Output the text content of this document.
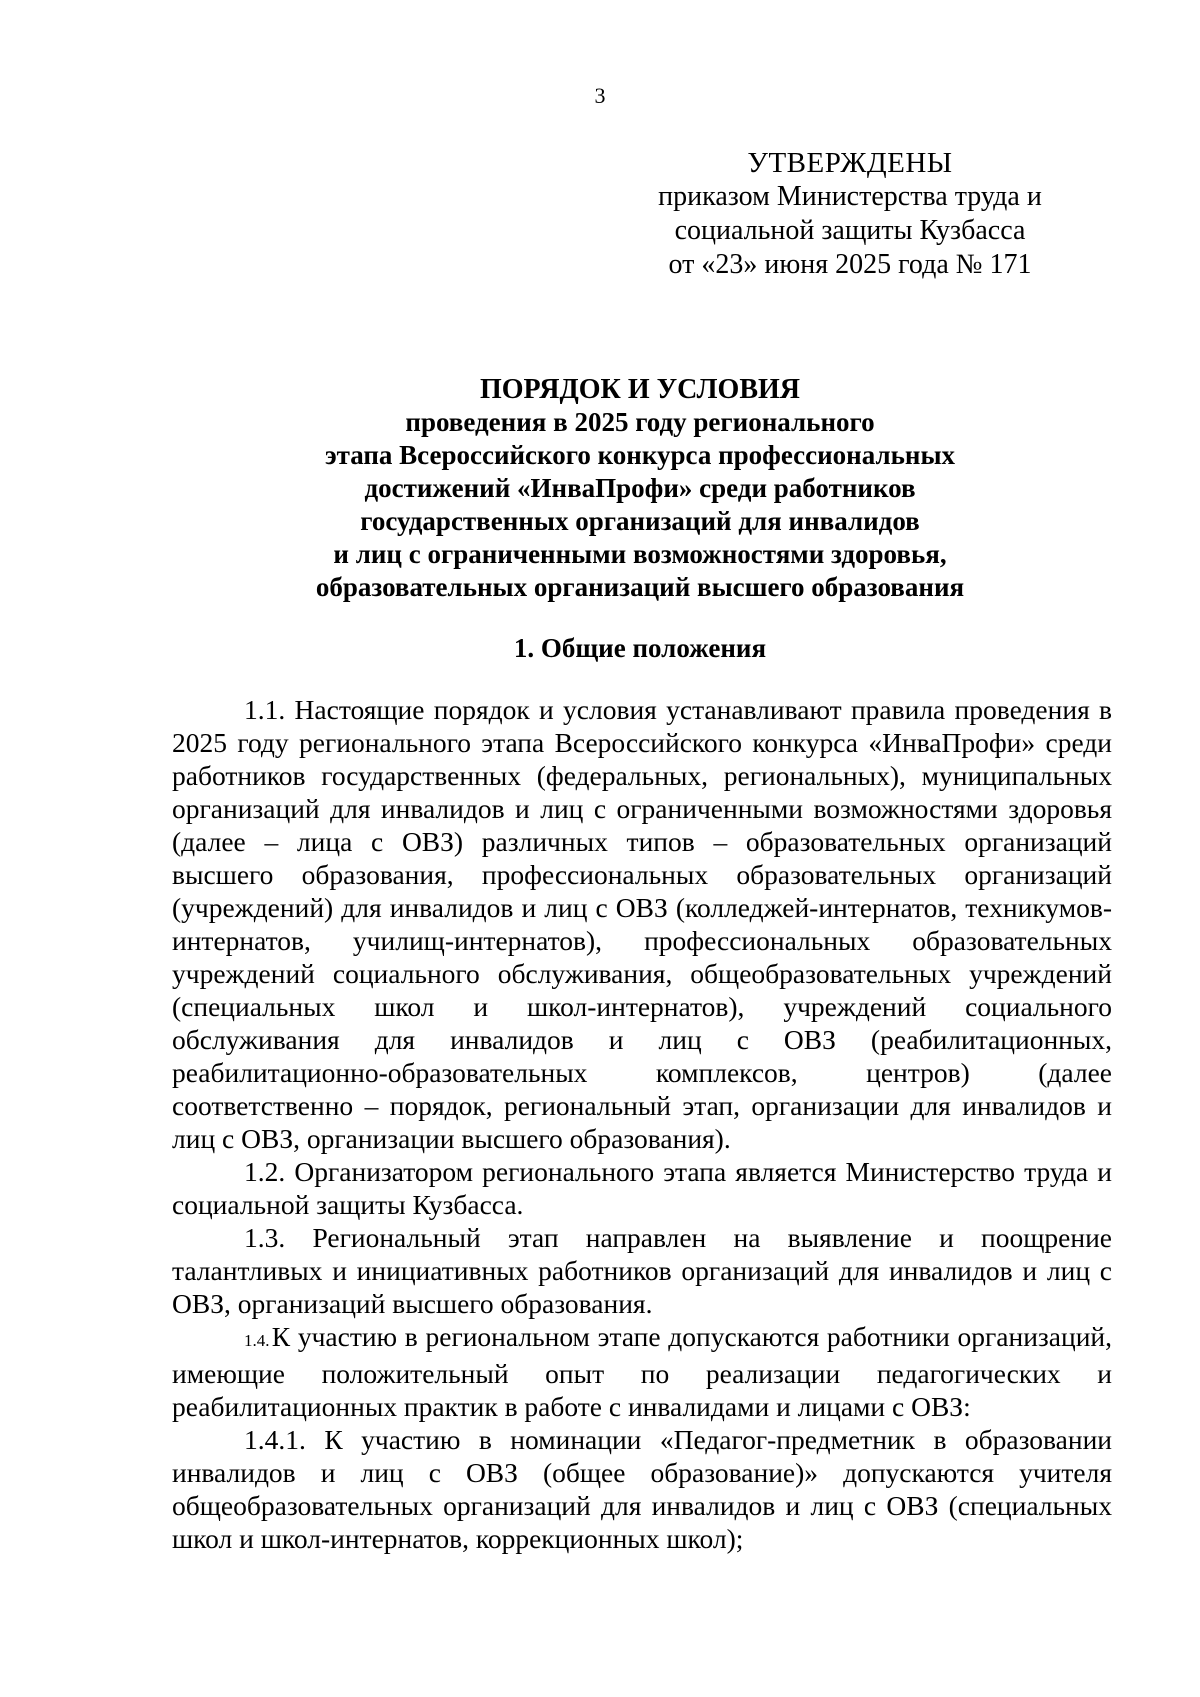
3
УТВЕРЖДЕНЫ
приказом Министерства труда и
социальной защиты Кузбасса
от «23» июня 2025 года № 171
ПОРЯДОК И УСЛОВИЯ
проведения в 2025 году регионального
этапа Всероссийского конкурса профессиональных
достижений «ИнваПрофи» среди работников
государственных организаций для инвалидов
и лиц с ограниченными возможностями здоровья,
образовательных организаций высшего образования
1. Общие положения

1.1. Настоящие порядок и условия устанавливают правила проведения в 2025 году регионального этапа Всероссийского конкурса «ИнваПрофи» среди работников государственных (федеральных, региональных), муниципальных организаций для инвалидов и лиц с ограниченными возможностями здоровья (далее – лица с ОВЗ) различных типов – образовательных организаций высшего образования, профессиональных образовательных организаций (учреждений) для инвалидов и лиц с ОВЗ (колледжей-интернатов, техникумов-интернатов, училищ-интернатов), профессиональных образовательных учреждений социального обслуживания, общеобразовательных учреждений (специальных школ и школ-интернатов), учреждений социального обслуживания для инвалидов и лиц с ОВЗ (реабилитационных, реабилитационно-образовательных комплексов, центров) (далее соответственно – порядок, региональный этап, организации для инвалидов и лиц с ОВЗ, организации высшего образования).

1.2. Организатором регионального этапа является Министерство труда и социальной защиты Кузбасса.

1.3. Региональный этап направлен на выявление и поощрение талантливых и инициативных работников организаций для инвалидов и лиц с ОВЗ, организаций высшего образования.

1.4. К участию в региональном этапе допускаются работники организаций, имеющие положительный опыт по реализации педагогических и реабилитационных практик в работе с инвалидами и лицами с ОВЗ:

1.4.1. К участию в номинации «Педагог-предметник в образовании инвалидов и лиц с ОВЗ (общее образование)» допускаются учителя общеобразовательных организаций для инвалидов и лиц с ОВЗ (специальных школ и школ-интернатов, коррекционных школ);
